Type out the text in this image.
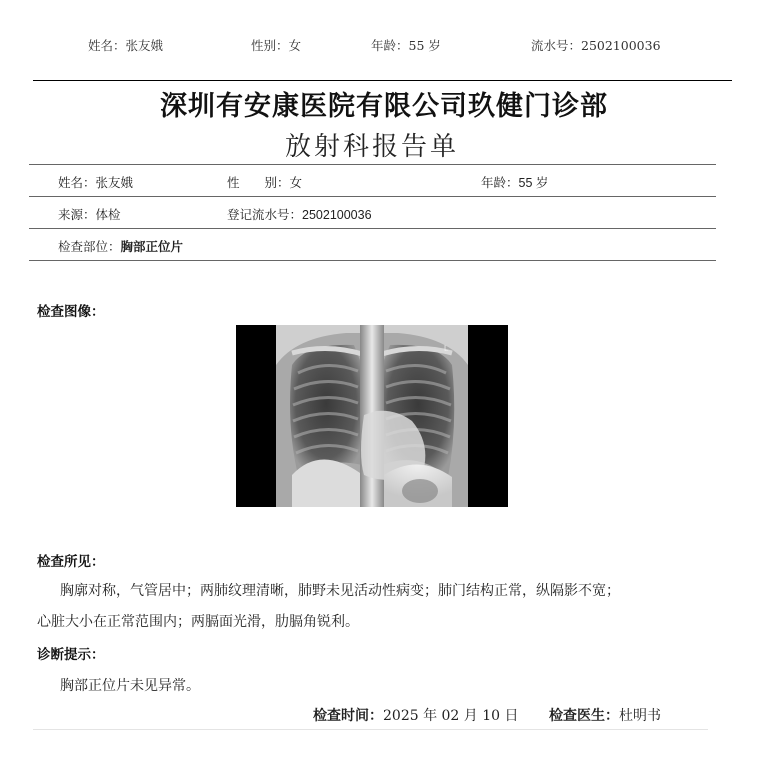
姓名：张友娥	性别：女	年龄：55 岁	流水号：2502100036
深圳有安康医院有限公司玖健门诊部
放射科报告单
姓名：张友娥	性　　别：女	年龄：55 岁
来源：体检	登记流水号：2502100036
检查部位：胸部正位片
检查图像：
L
检查所见：
胸廓对称，气管居中；两肺纹理清晰，肺野未见活动性病变；肺门结构正常，纵隔影不宽；
心脏大小在正常范围内；两膈面光滑，肋膈角锐利。
诊断提示：
胸部正位片未见异常。
检查时间：2025 年 02 月 10 日 检查医生：杜明书
